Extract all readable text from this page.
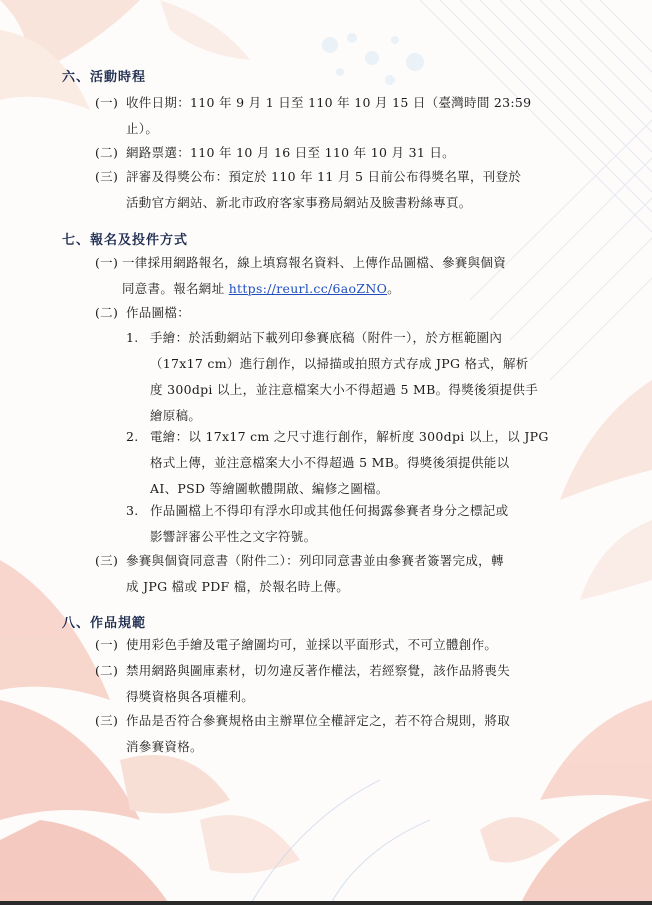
六、活動時程
(一) 收件日期：110 年 9 月 1 日至 110 年 10 月 15 日（臺灣時間 23:59
止）。
(二) 網路票選：110 年 10 月 16 日至 110 年 10 月 31 日。
(三) 評審及得獎公布：預定於 110 年 11 月 5 日前公布得獎名單，刊登於
活動官方網站、新北市政府客家事務局網站及臉書粉絲專頁。
七、報名及投件方式
(一) 一律採用網路報名，線上填寫報名資料、上傳作品圖檔、參賽與個資
同意書。報名網址 https://reurl.cc/6aoZNO。
(二) 作品圖檔：
1. 手繪：於活動網站下載列印參賽底稿（附件一），於方框範圍內
（17x17 cm）進行創作，以掃描或拍照方式存成 JPG 格式，解析
度 300dpi 以上，並注意檔案大小不得超過 5 MB。得獎後須提供手
繪原稿。
2. 電繪：以 17x17 cm 之尺寸進行創作，解析度 300dpi 以上，以 JPG
格式上傳，並注意檔案大小不得超過 5 MB。得獎後須提供能以
AI、PSD 等繪圖軟體開啟、編修之圖檔。
3. 作品圖檔上不得印有浮水印或其他任何揭露參賽者身分之標記或
影響評審公平性之文字符號。
(三) 參賽與個資同意書（附件二）：列印同意書並由參賽者簽署完成，轉
成 JPG 檔或 PDF 檔，於報名時上傳。
八、作品規範
(一) 使用彩色手繪及電子繪圖均可，並採以平面形式，不可立體創作。
(二) 禁用網路與圖庫素材，切勿違反著作權法，若經察覺，該作品將喪失
得獎資格與各項權利。
(三) 作品是否符合參賽規格由主辦單位全權評定之，若不符合規則，將取
消參賽資格。
